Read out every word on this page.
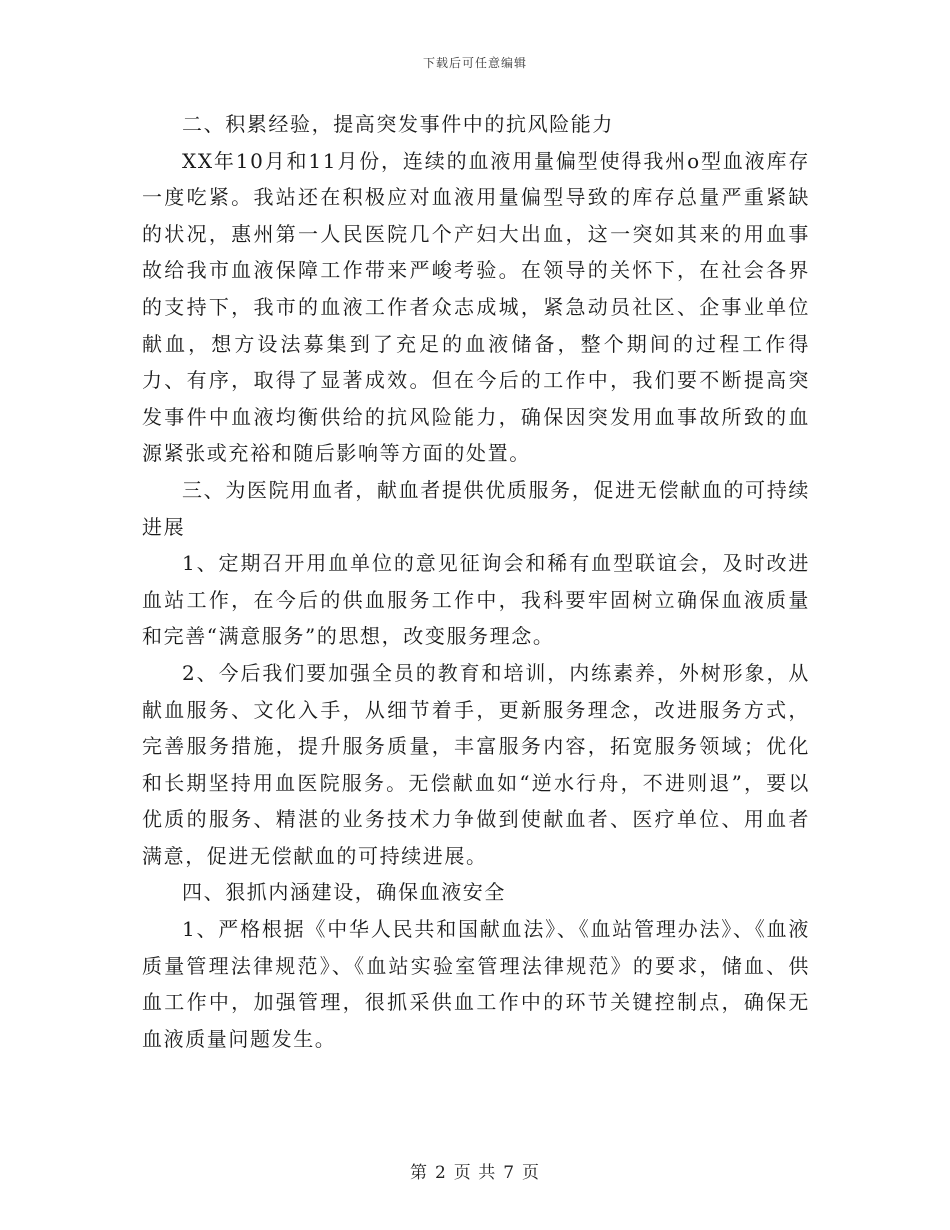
下载后可任意编辑

二、积累经验，提高突发事件中的抗风险能力

XX年10月和11月份，连续的血液用量偏型使得我州o型血液库存一度吃紧。我站还在积极应对血液用量偏型导致的库存总量严重紧缺的状况，惠州第一人民医院几个产妇大出血，这一突如其来的用血事故给我市血液保障工作带来严峻考验。在领导的关怀下，在社会各界的支持下，我市的血液工作者众志成城，紧急动员社区、企事业单位献血，想方设法募集到了充足的血液储备，整个期间的过程工作得力、有序，取得了显著成效。但在今后的工作中，我们要不断提高突发事件中血液均衡供给的抗风险能力，确保因突发用血事故所致的血源紧张或充裕和随后影响等方面的处置。

三、为医院用血者，献血者提供优质服务，促进无偿献血的可持续进展

1、定期召开用血单位的意见征询会和稀有血型联谊会，及时改进血站工作，在今后的供血服务工作中，我科要牢固树立确保血液质量和完善“满意服务”的思想，改变服务理念。

2、今后我们要加强全员的教育和培训，内练素养，外树形象，从献血服务、文化入手，从细节着手，更新服务理念，改进服务方式，完善服务措施，提升服务质量，丰富服务内容，拓宽服务领域；优化和长期坚持用血医院服务。无偿献血如“逆水行舟，不进则退”，要以优质的服务、精湛的业务技术力争做到使献血者、医疗单位、用血者满意，促进无偿献血的可持续进展。

四、狠抓内涵建设，确保血液安全

1、严格根据《中华人民共和国献血法》、《血站管理办法》、《血液质量管理法律规范》、《血站实验室管理法律规范》的要求，储血、供血工作中，加强管理，很抓采供血工作中的环节关键控制点，确保无血液质量问题发生。

第 2 页 共 7 页
